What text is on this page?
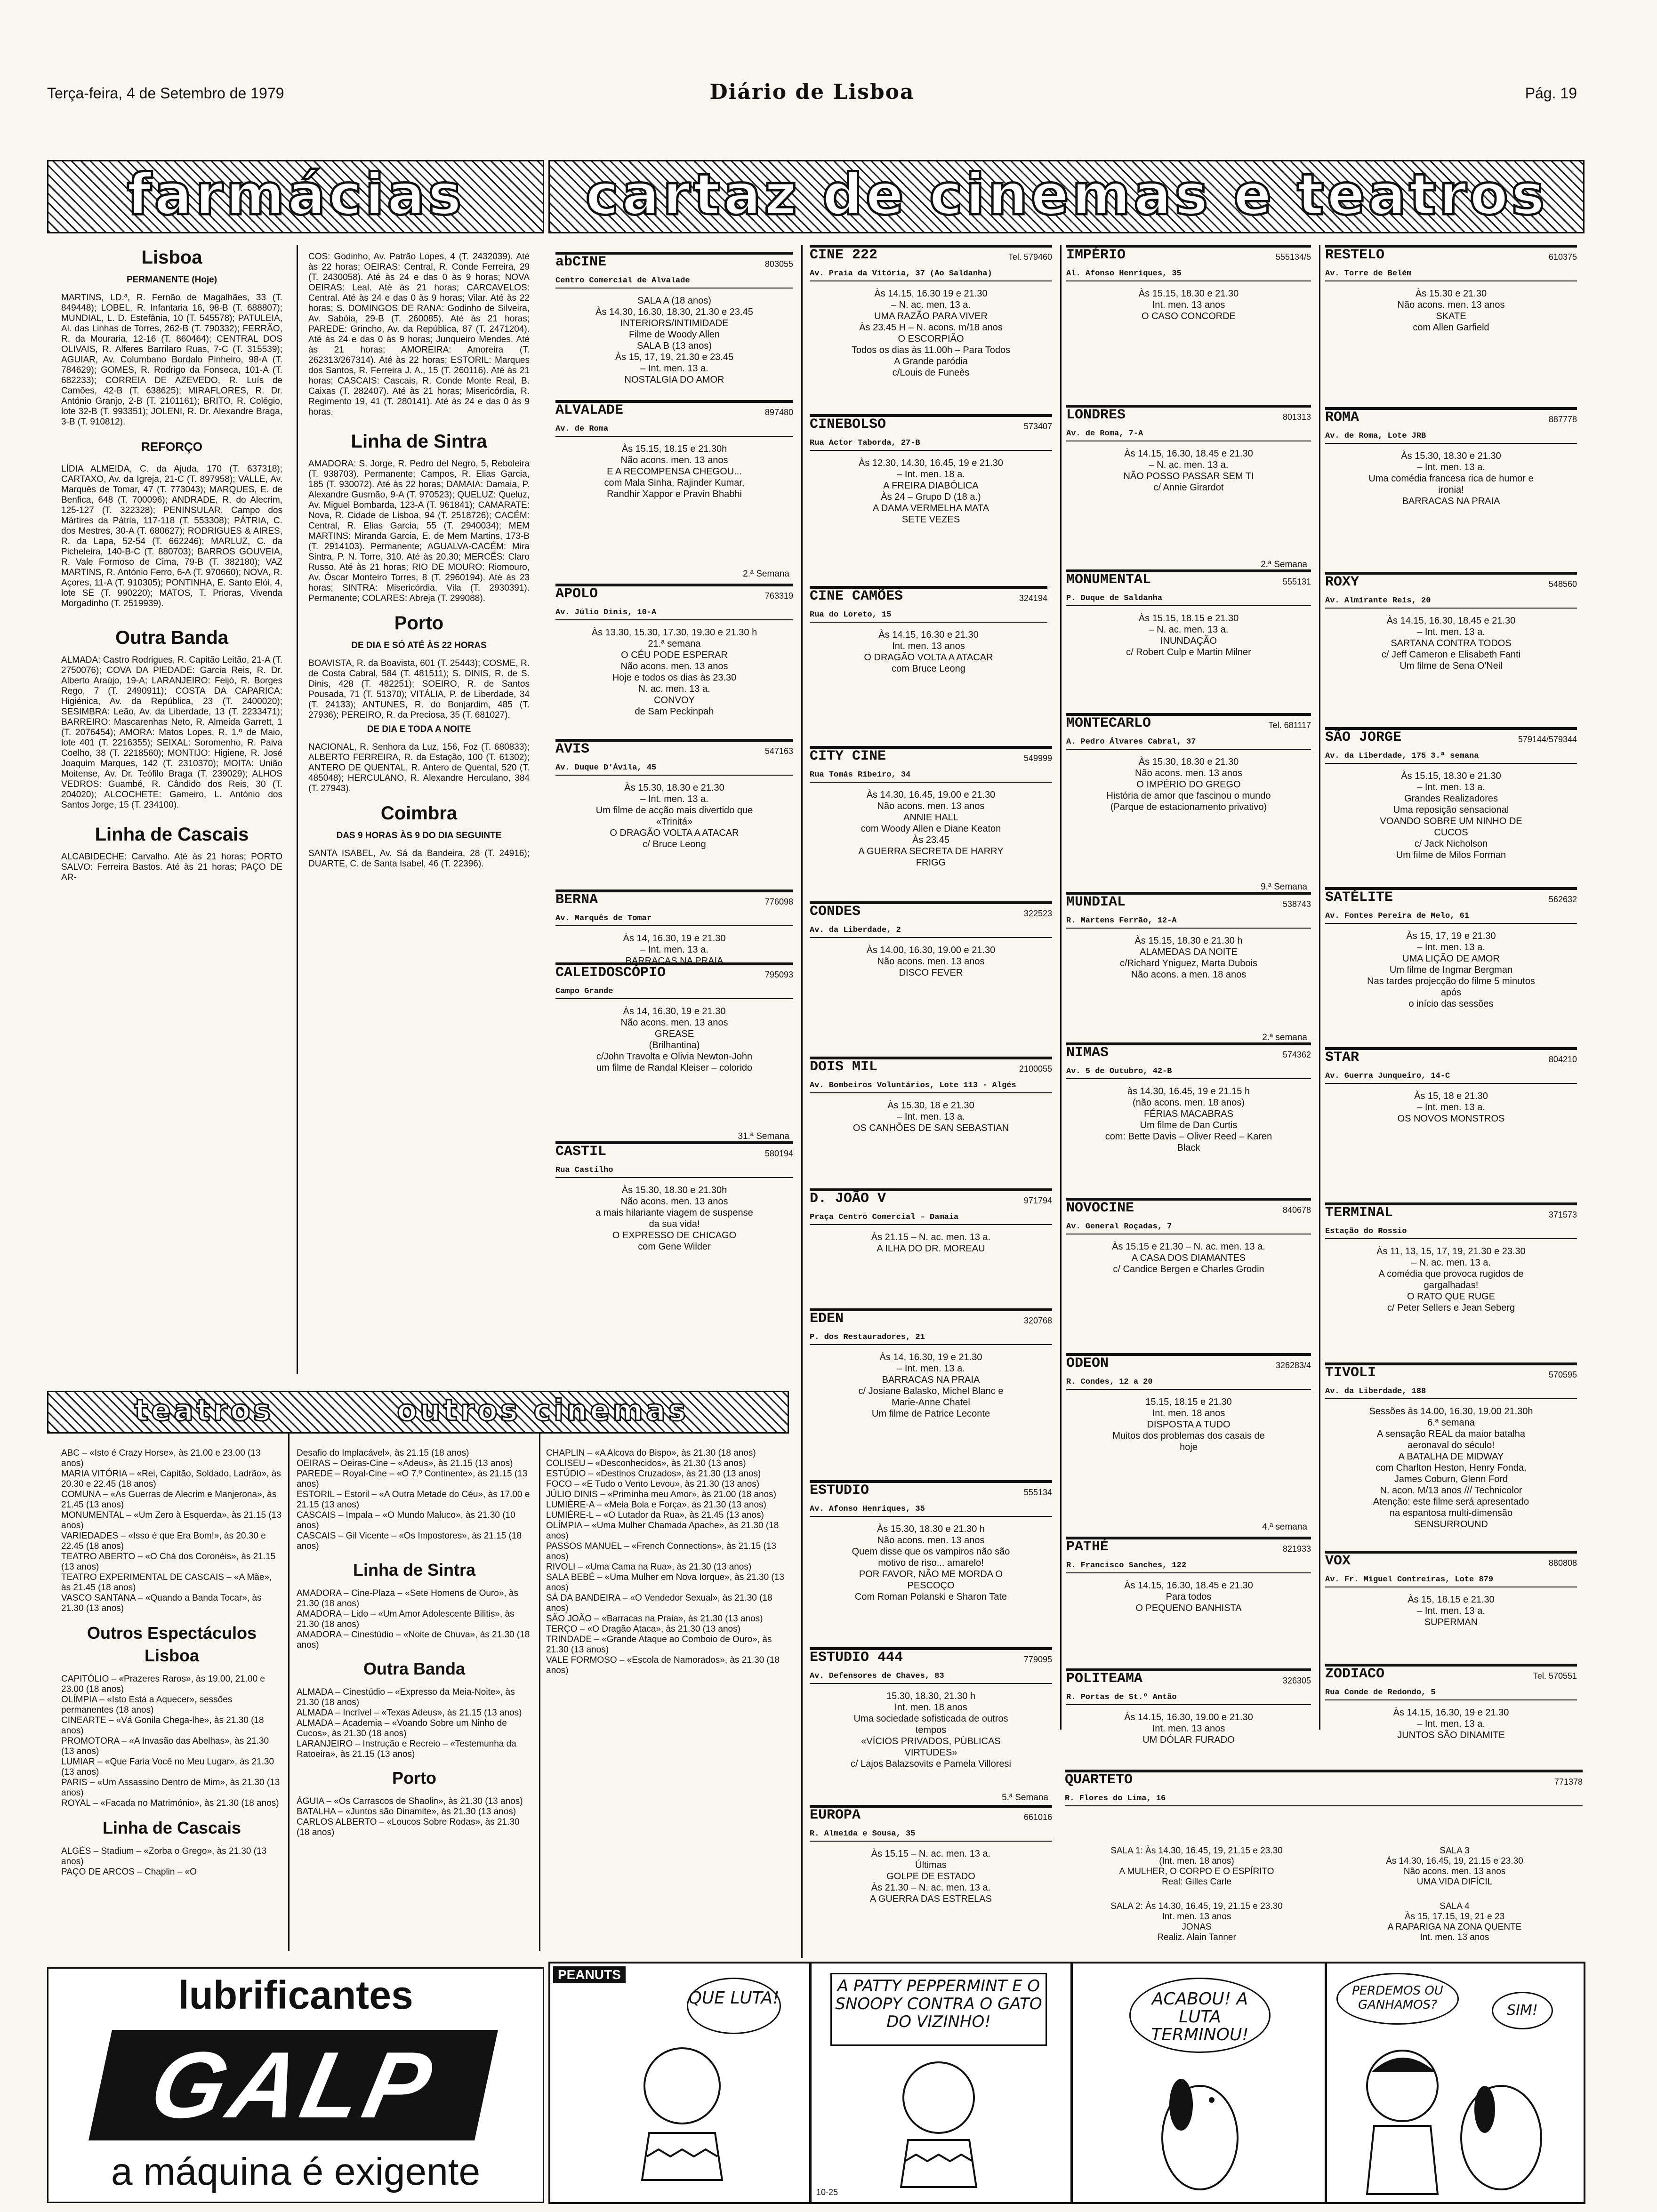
Terça-feira, 4 de Setembro de 1979	Diário de Lisboa	Pág. 19
farmácias	cartaz de cinemas e teatros
Lisboa
PERMANENTE (Hoje)

MARTINS, LD.ª, R. Fernão de Magalhães, 33 (T. 849448); LOBEL, R. Infantaria 16, 98-B (T. 688807); MUNDIAL, L. D. Estefânia, 10 (T. 545578); PATULEIA, Al. das Linhas de Torres, 262-B (T. 790332); FERRÃO, R. da Mouraria, 12-16 (T. 860464); CENTRAL DOS OLIVAIS, R. Alferes Barrilaro Ruas, 7-C (T. 315539); AGUIAR, Av. Columbano Bordalo Pinheiro, 98-A (T. 784629); GOMES, R. Rodrigo da Fonseca, 101-A (T. 682233); CORREIA DE AZEVEDO, R. Luís de Camões, 42-B (T. 638625); MIRAFLORES, R. Dr. António Granjo, 2-B (T. 2101161); BRITO, R. Colégio, lote 32-B (T. 993351); JOLENI, R. Dr. Alexandre Braga, 3-B (T. 910812).

REFORÇO

LÍDIA ALMEIDA, C. da Ajuda, 170 (T. 637318); CARTAXO, Av. da Igreja, 21-C (T. 897958); VALLE, Av. Marquês de Tomar, 47 (T. 773043); MARQUES, E. de Benfica, 648 (T. 700096); ANDRADE, R. do Alecrim, 125-127 (T. 322328); PENINSULAR, Campo dos Mártires da Pátria, 117-118 (T. 553308); PÁTRIA, C. dos Mestres, 30-A (T. 680627); RODRIGUES & AIRES, R. da Lapa, 52-54 (T. 662246); MARLUZ, C. da Picheleira, 140-B-C (T. 880703); BARROS GOUVEIA, R. Vale Formoso de Cima, 79-B (T. 382180); VAZ MARTINS, R. António Ferro, 6-A (T. 970660); NOVA, R. Açores, 11-A (T. 910305); PONTINHA, E. Santo Elói, 4, lote SE (T. 990220); MATOS, T. Prioras, Vivenda Morgadinho (T. 2519939).

Outra Banda

ALMADA: Castro Rodrigues, R. Capitão Leitão, 21-A (T. 2750076); COVA DA PIEDADE: Garcia Reis, R. Dr. Alberto Araújo, 19-A; LARANJEIRO: Feijó, R. Borges Rego, 7 (T. 2490911); COSTA DA CAPARICA: Higiénica, Av. da República, 23 (T. 2400020); SESIMBRA: Leão, Av. da Liberdade, 13 (T. 2233471); BARREIRO: Mascarenhas Neto, R. Almeida Garrett, 1 (T. 2076454); AMORA: Matos Lopes, R. 1.º de Maio, lote 401 (T. 2216355); SEIXAL: Soromenho, R. Paiva Coelho, 38 (T. 2218560); MONTIJO: Higiene, R. José Joaquim Marques, 142 (T. 2310370); MOITA: União Moitense, Av. Dr. Teófilo Braga (T. 239029); ALHOS VEDROS: Guambé, R. Cândido dos Reis, 30 (T. 204020); ALCOCHETE: Gameiro, L. António dos Santos Jorge, 15 (T. 234100).

Linha de Cascais

ALCABIDECHE: Carvalho. Até às 21 horas; PORTO SALVO: Ferreira Bastos. Até às 21 horas; PAÇO DE AR-

COS: Godinho, Av. Patrão Lopes, 4 (T. 2432039). Até às 22 horas; OEIRAS: Central, R. Conde Ferreira, 29 (T. 2430058). Até às 24 e das 0 às 9 horas; NOVA OEIRAS: Leal. Até às 21 horas; CARCAVELOS: Central. Até às 24 e das 0 às 9 horas; Vilar. Até às 22 horas; S. DOMINGOS DE RANA: Godinho de Silveira, Av. Sabóia, 29-B (T. 260085). Até às 21 horas; PAREDE: Grincho, Av. da República, 87 (T. 2471204). Até às 24 e das 0 às 9 horas; Junqueiro Mendes. Até às 21 horas; AMOREIRA: Amoreira (T. 262313/267314). Até às 22 horas; ESTORIL: Marques dos Santos, R. Ferreira J. A., 15 (T. 260116). Até às 21 horas; CASCAIS: Cascais, R. Conde Monte Real, B. Caixas (T. 282407). Até às 21 horas; Misericórdia, R. Regimento 19, 41 (T. 280141). Até às 24 e das 0 às 9 horas.

Linha de Sintra

AMADORA: S. Jorge, R. Pedro del Negro, 5, Reboleira (T. 938703). Permanente; Campos, R. Elias Garcia, 185 (T. 930072). Até às 22 horas; DAMAIA: Damaia, P. Alexandre Gusmão, 9-A (T. 970523); QUELUZ: Queluz, Av. Miguel Bombarda, 123-A (T. 961841); CAMARATE: Nova, R. Cidade de Lisboa, 94 (T. 2518726); CACÉM: Central, R. Elias Garcia, 55 (T. 2940034); MEM MARTINS: Miranda Garcia, E. de Mem Martins, 173-B (T. 2914103). Permanente; AGUALVA-CACÉM: Mira Sintra, P. N. Torre, 310. Até às 20.30; MERCÊS: Claro Russo. Até às 21 horas; RIO DE MOURO: Riomouro, Av. Óscar Monteiro Torres, 8 (T. 2960194). Até às 23 horas; SINTRA: Misericórdia, Vila (T. 2930391). Permanente; COLARES: Abreja (T. 299088).

Porto
DE DIA E SÓ ATÉ ÀS 22 HORAS

BOAVISTA, R. da Boavista, 601 (T. 25443); COSME, R. de Costa Cabral, 584 (T. 481511); S. DINIS, R. de S. Dinis, 428 (T. 482251); SOEIRO, R. de Santos Pousada, 71 (T. 51370); VITÁLIA, P. de Liberdade, 34 (T. 24133); ANTUNES, R. do Bonjardim, 485 (T. 27936); PEREIRO, R. da Preciosa, 35 (T. 681027).

DE DIA E TODA A NOITE

NACIONAL, R. Senhora da Luz, 156, Foz (T. 680833); ALBERTO FERREIRA, R. da Estação, 100 (T. 61302); ANTERO DE QUENTAL, R. Antero de Quental, 520 (T. 485048); HERCULANO, R. Alexandre Herculano, 384 (T. 27943).

Coimbra
DAS 9 HORAS ÀS 9 DO DIA SEGUINTE

SANTA ISABEL, Av. Sá da Bandeira, 28 (T. 24916); DUARTE, C. de Santa Isabel, 46 (T. 22396).

abCINE	803055
Centro Comercial de Alvalade
SALA A (18 anos)
Às 14.30, 16.30, 18.30, 21.30 e 23.45
INTERIORS/INTIMIDADE
Filme de Woody Allen
SALA B (13 anos)
Às 15, 17, 19, 21.30 e 23.45
– Int. men. 13 a.
NOSTALGIA DO AMOR
ALVALADE	897480
Av. de Roma
Às 15.15, 18.15 e 21.30h
Não acons. men. 13 anos
E A RECOMPENSA CHEGOU...
com Mala Sinha, Rajinder Kumar,
Randhir Xappor e Pravin Bhabhi
2.ª Semana
APOLO	763319
Av. Júlio Dinis, 10-A
Às 13.30, 15.30, 17.30, 19.30 e 21.30 h
21.ª semana
O CÉU PODE ESPERAR
Não acons. men. 13 anos
Hoje e todos os dias às 23.30
N. ac. men. 13 a.
CONVOY
de Sam Peckinpah
AVIS	547163
Av. Duque D'Ávila, 45
Às 15.30, 18.30 e 21.30
– Int. men. 13 a.
Um filme de acção mais divertido que
«Trinitá»
O DRAGÃO VOLTA A ATACAR
c/ Bruce Leong
BERNA	776098
Av. Marquês de Tomar
Às 14, 16.30, 19 e 21.30
– Int. men. 13 a.
BARRACAS NA PRAIA

CALEIDOSCÓPIO	795093
Campo Grande
Às 14, 16.30, 19 e 21.30
Não acons. men. 13 anos
GREASE
(Brilhantina)
c/John Travolta e Olivia Newton-John
um filme de Randal Kleiser – colorido
31.ª Semana
CASTIL	580194
Rua Castilho
Às 15.30, 18.30 e 21.30h
Não acons. men. 13 anos
a mais hilariante viagem de suspense
da sua vida!
O EXPRESSO DE CHICAGO
com Gene Wilder
CINE 222	Tel. 579460
Av. Praia da Vitória, 37 (Ao Saldanha)
Às 14.15, 16.30 19 e 21.30
– N. ac. men. 13 a.
UMA RAZÃO PARA VIVER
Às 23.45 H – N. acons. m/18 anos
O ESCORPIÃO
Todos os dias às 11.00h – Para Todos
A Grande paródia
c/Louis de Funeès
CINEBOLSO	573407
Rua Actor Taborda, 27-B
Às 12.30, 14.30, 16.45, 19 e 21.30
– Int. men. 18 a.
A FREIRA DIABÓLICA
Às 24 – Grupo D (18 a.)
A DAMA VERMELHA MATA
SETE VEZES
CINE CAMÕES	324194
Rua do Loreto, 15
Às 14.15, 16.30 e 21.30
Int. men. 13 anos
O DRAGÃO VOLTA A ATACAR
com Bruce Leong
CITY CINE	549999
Rua Tomás Ribeiro, 34
Às 14.30, 16.45, 19.00 e 21.30
Não acons. men. 13 anos
ANNIE HALL
com Woody Allen e Diane Keaton
Às 23.45
A GUERRA SECRETA DE HARRY
FRIGG
CONDES	322523
Av. da Liberdade, 2
Às 14.00, 16.30, 19.00 e 21.30
Não acons. men. 13 anos
DISCO FEVER
DOIS MIL	2100055
Av. Bombeiros Voluntários, Lote 113 · Algés
Às 15.30, 18 e 21.30
– Int. men. 13 a.
OS CANHÕES DE SAN SEBASTIAN
D. JOÃO V	971794
Praça Centro Comercial – Damaia
Às 21.15 – N. ac. men. 13 a.
A ILHA DO DR. MOREAU
EDEN	320768
P. dos Restauradores, 21
Às 14, 16.30, 19 e 21.30
– Int. men. 13 a.
BARRACAS NA PRAIA
c/ Josiane Balasko, Michel Blanc e
Marie-Anne Chatel
Um filme de Patrice Leconte
ESTUDIO	555134
Av. Afonso Henriques, 35
Às 15.30, 18.30 e 21.30 h
Não acons. men. 13 anos
Quem disse que os vampiros não são
motivo de riso... amarelo!
POR FAVOR, NÃO ME MORDA O
PESCOÇO
Com Roman Polanski e Sharon Tate
ESTUDIO 444	779095
Av. Defensores de Chaves, 83
15.30, 18.30, 21.30 h
Int. men. 18 anos
Uma sociedade sofisticada de outros
tempos
«VÍCIOS PRIVADOS, PÚBLICAS
VIRTUDES»
c/ Lajos Balazsovits e Pamela Villoresi
5.ª Semana
EUROPA	661016
R. Almeida e Sousa, 35
Às 15.15 – N. ac. men. 13 a.
Últimas
GOLPE DE ESTADO
Às 21.30 – N. ac. men. 13 a.
A GUERRA DAS ESTRELAS
IMPÉRIO	555134/5
Al. Afonso Henriques, 35
Às 15.15, 18.30 e 21.30
Int. men. 13 anos
O CASO CONCORDE
LONDRES	801313
Av. de Roma, 7-A
Às 14.15, 16.30, 18.45 e 21.30
– N. ac. men. 13 a.
NÃO POSSO PASSAR SEM TI
c/ Annie Girardot
2.ª Semana
MONUMENTAL	555131
P. Duque de Saldanha
Às 15.15, 18.15 e 21.30
– N. ac. men. 13 a.
INUNDAÇÃO
c/ Robert Culp e Martin Milner
MONTECARLO	Tel. 681117
A. Pedro Álvares Cabral, 37
Às 15.30, 18.30 e 21.30
Não acons. men. 13 anos
O IMPÉRIO DO GREGO
História de amor que fascinou o mundo
(Parque de estacionamento privativo)
9.ª Semana
MUNDIAL	538743
R. Martens Ferrão, 12-A
Às 15.15, 18.30 e 21.30 h
ALAMEDAS DA NOITE
c/Richard Yniguez, Marta Dubois
Não acons. a men. 18 anos
2.ª semana
NIMAS	574362
Av. 5 de Outubro, 42-B
às 14.30, 16.45, 19 e 21.15 h
(não acons. men. 18 anos)
FÉRIAS MACABRAS
Um filme de Dan Curtis
com: Bette Davis – Oliver Reed – Karen
Black
NOVOCINE	840678
Av. General Roçadas, 7
Às 15.15 e 21.30 – N. ac. men. 13 a.
A CASA DOS DIAMANTES
c/ Candice Bergen e Charles Grodin
ODEON	326283/4
R. Condes, 12 a 20
15.15, 18.15 e 21.30
Int. men. 18 anos
DISPOSTA A TUDO
Muitos dos problemas dos casais de
hoje
4.ª semana
PATHÉ	821933
R. Francisco Sanches, 122
Às 14.15, 16.30, 18.45 e 21.30
Para todos
O PEQUENO BANHISTA
POLITEAMA	326305
R. Portas de St.º Antão
Às 14.15, 16.30, 19.00 e 21.30
Int. men. 13 anos
UM DÓLAR FURADO
RESTELO	610375
Av. Torre de Belém
Às 15.30 e 21.30
Não acons. men. 13 anos
SKATE
com Allen Garfield
ROMA	887778
Av. de Roma, Lote JRB
Às 15.30, 18.30 e 21.30
– Int. men. 13 a.
Uma comédia francesa rica de humor e
ironia!
BARRACAS NA PRAIA
ROXY	548560
Av. Almirante Reis, 20
Às 14.15, 16.30, 18.45 e 21.30
– Int. men. 13 a.
SARTANA CONTRA TODOS
c/ Jeff Cameron e Elisabeth Fanti
Um filme de Sena O'Neil
SÃO JORGE	579144/579344
Av. da Liberdade, 175 3.ª semana
Às 15.15, 18.30 e 21.30
– Int. men. 13 a.
Grandes Realizadores
Uma reposição sensacional
VOANDO SOBRE UM NINHO DE
CUCOS
c/ Jack Nicholson
Um filme de Milos Forman
SATÉLITE	562632
Av. Fontes Pereira de Melo, 61
Às 15, 17, 19 e 21.30
– Int. men. 13 a.
UMA LIÇÃO DE AMOR
Um filme de Ingmar Bergman
Nas tardes projecção do filme 5 minutos
após
o início das sessões
STAR	804210
Av. Guerra Junqueiro, 14-C
Às 15, 18 e 21.30
– Int. men. 13 a.
OS NOVOS MONSTROS
TERMINAL	371573
Estação do Rossio
Às 11, 13, 15, 17, 19, 21.30 e 23.30
– N. ac. men. 13 a.
A comédia que provoca rugidos de
gargalhadas!
O RATO QUE RUGE
c/ Peter Sellers e Jean Seberg
TIVOLI	570595
Av. da Liberdade, 188
Sessões às 14.00, 16.30, 19.00 21.30h
6.ª semana
A sensação REAL da maior batalha
aeronaval do século!
A BATALHA DE MIDWAY
com Charlton Heston, Henry Fonda,
James Coburn, Glenn Ford
N. acon. M/13 anos /// Technicolor
Atenção: este filme será apresentado
na espantosa multi-dimensão
SENSURROUND
VOX	880808
Av. Fr. Miguel Contreiras, Lote 879
Às 15, 18.15 e 21.30
– Int. men. 13 a.
SUPERMAN
ZODIACO	Tel. 570551
Rua Conde de Redondo, 5
Às 14.15, 16.30, 19 e 21.30
– Int. men. 13 a.
JUNTOS SÃO DINAMITE
QUARTETO	771378
R. Flores do Lima, 16
SALA 1: Às 14.30, 16.45, 19, 21.15 e 23.30
(Int. men. 18 anos)
A MULHER, O CORPO E O ESPÍRITO
Real: Gilles Carle
SALA 2: Às 14.30, 16.45, 19, 21.15 e 23.30
Int. men. 13 anos
JONAS
Realiz. Alain Tanner
SALA 3
Às 14.30, 16.45, 19, 21.15 e 23.30
Não acons. men. 13 anos
UMA VIDA DIFÍCIL
SALA 4
Às 15, 17.15, 19, 21 e 23
A RAPARIGA NA ZONA QUENTE
Int. men. 13 anos
teatros	outros cinemas

ABC – «Isto é Crazy Horse», às 21.00 e 23.00 (13 anos)
MARIA VITÓRIA – «Rei, Capitão, Soldado, Ladrão», às 20.30 e 22.45 (18 anos)
COMUNA – «As Guerras de Alecrim e Manjerona», às 21.45 (13 anos)
MONUMENTAL – «Um Zero à Esquerda», às 21.15 (13 anos)
VARIEDADES – «Isso é que Era Bom!», às 20.30 e 22.45 (18 anos)
TEATRO ABERTO – «O Chá dos Coronéis», às 21.15 (13 anos)
TEATRO EXPERIMENTAL DE CASCAIS – «A Mãe», às 21.45 (18 anos)
VASCO SANTANA – «Quando a Banda Tocar», às 21.30 (13 anos)

Outros Espectáculos

Lisboa

CAPITÓLIO – «Prazeres Raros», às 19.00, 21.00 e 23.00 (18 anos)
OLÍMPIA – «Isto Está a Aquecer», sessões permanentes (18 anos)
CINEARTE – «Vá Gonila Chega-lhe», às 21.30 (18 anos)
PROMOTORA – «A Invasão das Abelhas», às 21.30 (13 anos)
LUMIAR – «Que Faria Você no Meu Lugar», às 21.30 (13 anos)
PARIS – «Um Assassino Dentro de Mim», às 21.30 (13 anos)
ROYAL – «Facada no Matrimónio», às 21.30 (18 anos)

Linha de Cascais

ALGÉS – Stadium – «Zorba o Grego», às 21.30 (13 anos)
PAÇO DE ARCOS – Chaplin – «O

Desafio do Implacável», às 21.15 (18 anos)
OEIRAS – Oeiras-Cine – «Adeus», às 21.15 (13 anos)
PAREDE – Royal-Cine – «O 7.º Continente», às 21.15 (13 anos)
ESTORIL – Estoril – «A Outra Metade do Céu», às 17.00 e 21.15 (13 anos)
CASCAIS – Impala – «O Mundo Maluco», às 21.30 (10 anos)
CASCAIS – Gil Vicente – «Os Impostores», às 21.15 (18 anos)

Linha de Sintra

AMADORA – Cine-Plaza – «Sete Homens de Ouro», às 21.30 (18 anos)
AMADORA – Lido – «Um Amor Adolescente Bilitis», às 21.30 (18 anos)
AMADORA – Cinestúdio – «Noite de Chuva», às 21.30 (18 anos)

Outra Banda

ALMADA – Cinestúdio – «Expresso da Meia-Noite», às 21.30 (18 anos)
ALMADA – Incrível – «Texas Adeus», às 21.15 (13 anos)
ALMADA – Academia – «Voando Sobre um Ninho de Cucos», às 21.30 (18 anos)
LARANJEIRO – Instrução e Recreio – «Testemunha da Ratoeira», às 21.15 (13 anos)

Porto

ÁGUIA – «Os Carrascos de Shaolin», às 21.30 (13 anos)
BATALHA – «Juntos são Dinamite», às 21.30 (13 anos)
CARLOS ALBERTO – «Loucos Sobre Rodas», às 21.30 (18 anos)

CHAPLIN – «A Alcova do Bispo», às 21.30 (18 anos)
COLISEU – «Desconhecidos», às 21.30 (13 anos)
ESTÚDIO – «Destinos Cruzados», às 21.30 (13 anos)
FOCO – «E Tudo o Vento Levou», às 21.30 (13 anos)
JÚLIO DINIS – «Primínha meu Amor», às 21.00 (18 anos)
LUMIÈRE-A – «Meia Bola e Força», às 21.30 (13 anos)
LUMIÈRE-L – «O Lutador da Rua», às 21.45 (13 anos)
OLÍMPIA – «Uma Mulher Chamada Apache», às 21.30 (18 anos)
PASSOS MANUEL – «French Connections», às 21.15 (13 anos)
RIVOLI – «Uma Cama na Rua», às 21.30 (13 anos)
SALA BEBÉ – «Uma Mulher em Nova Iorque», às 21.30 (13 anos)
SÁ DA BANDEIRA – «O Vendedor Sexual», às 21.30 (18 anos)
SÃO JOÃO – «Barracas na Praia», às 21.30 (13 anos)
TERÇO – «O Dragão Ataca», às 21.30 (13 anos)
TRINDADE – «Grande Ataque ao Comboio de Ouro», às 21.30 (13 anos)
VALE FORMOSO – «Escola de Namorados», às 21.30 (18 anos)

lubrificantes
GALP
a máquina é exigente
PEANUTS
QUE LUTA!
A PATTY PEPPERMINT E O SNOOPY CONTRA O GATO DO VIZINHO!
10-25
ACABOU! A LUTA TERMINOU!
PERDEMOS OU GANHAMOS?	SIM!
